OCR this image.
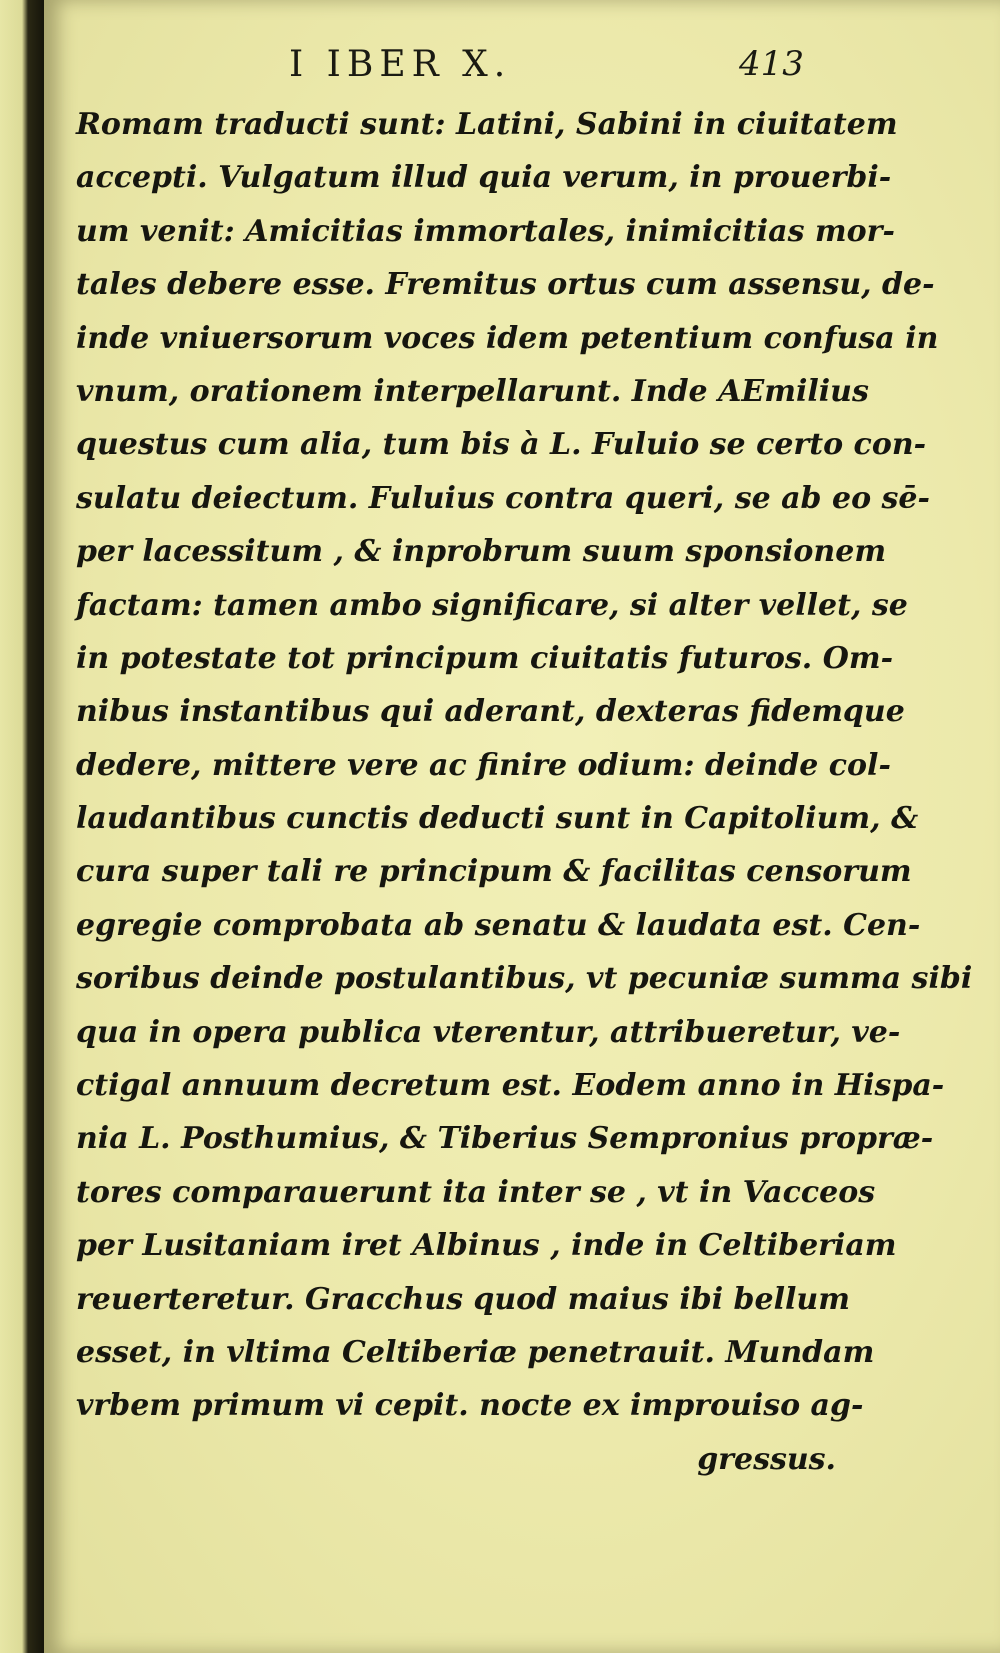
I IBER X.	413
Romam traducti sunt: Latini, Sabini in ciuitatem
accepti. Vulgatum illud quia verum, in prouerbi-
um venit: Amicitias immortales, inimicitias mor-
tales debere esse. Fremitus ortus cum assensu, de-
inde vniuersorum voces idem petentium confusa in
vnum, orationem interpellarunt. Inde AEmilius
questus cum alia, tum bis à L. Fuluio se certo con-
sulatu deiectum. Fuluius contra queri, se ab eo sē-
per lacessitum , & inprobrum suum sponsionem
factam: tamen ambo significare, si alter vellet, se
in potestate tot principum ciuitatis futuros. Om-
nibus instantibus qui aderant, dexteras fidemque
dedere, mittere vere ac finire odium: deinde col-
laudantibus cunctis deducti sunt in Capitolium, &
cura super tali re principum & facilitas censorum
egregie comprobata ab senatu & laudata est. Cen-
soribus deinde postulantibus, vt pecuniæ summa sibi
qua in opera publica vterentur, attribueretur, ve-
ctigal annuum decretum est. Eodem anno in Hispa-
nia L. Posthumius, & Tiberius Sempronius propræ-
tores comparauerunt ita inter se , vt in Vacceos
per Lusitaniam iret Albinus , inde in Celtiberiam
reuerteretur. Gracchus quod maius ibi bellum
esset, in vltima Celtiberiæ penetrauit. Mundam
vrbem primum vi cepit. nocte ex improuiso ag-
gressus.
